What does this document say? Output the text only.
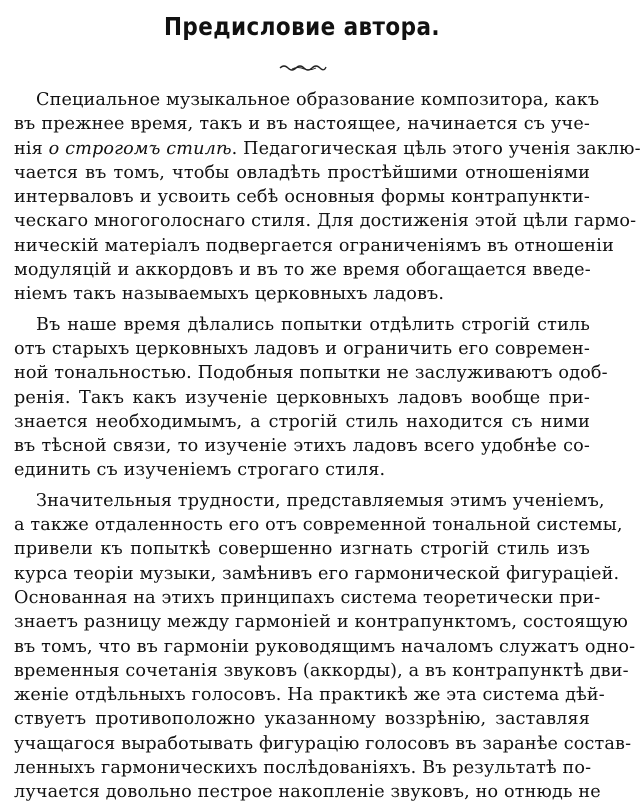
Предисловие автора.
Специальное музыкальное образование композитора, какъ
въ прежнее время, такъ и въ настоящее, начинается съ уче-
нія о строгомъ стилѣ. Педагогическая цѣль этого ученія заклю-
чается въ томъ, чтобы овладѣть простѣйшими отношеніями
интерваловъ и усвоить себѣ основныя формы контрапункти-
ческаго многоголоснаго стиля. Для достиженія этой цѣли гармо-
ническій матеріалъ подвергается ограниченіямъ въ отношеніи
модуляцій и аккордовъ и въ то же время обогащается введе-
ніемъ такъ называемыхъ церковныхъ ладовъ.
Въ наше время дѣлались попытки отдѣлить строгій стиль
отъ старыхъ церковныхъ ладовъ и ограничить его современ-
ной тональностью. Подобныя попытки не заслуживаютъ одоб-
ренія. Такъ какъ изученіе церковныхъ ладовъ вообще при-
знается необходимымъ, а строгій стиль находится съ ними
въ тѣсной связи, то изученіе этихъ ладовъ всего удобнѣе со-
единить съ изученіемъ строгаго стиля.
Значительныя трудности, представляемыя этимъ ученіемъ,
а также отдаленность его отъ современной тональной системы,
привели къ попыткѣ совершенно изгнать строгій стиль изъ
курса теоріи музыки, замѣнивъ его гармонической фигураціей.
Основанная на этихъ принципахъ система теоретически при-
знаетъ разницу между гармоніей и контрапунктомъ, состоящую
въ томъ, что въ гармоніи руководящимъ началомъ служатъ одно-
временныя сочетанія звуковъ (аккорды), а въ контрапунктѣ дви-
женіе отдѣльныхъ голосовъ. На практикѣ же эта система дѣй-
ствуетъ противоположно указанному воззрѣнію, заставляя
учащагося выработывать фигурацію голосовъ въ заранѣе состав-
ленныхъ гармоническихъ послѣдованіяхъ. Въ результатѣ по-
лучается довольно пестрое накопленіе звуковъ, но отнюдь не
